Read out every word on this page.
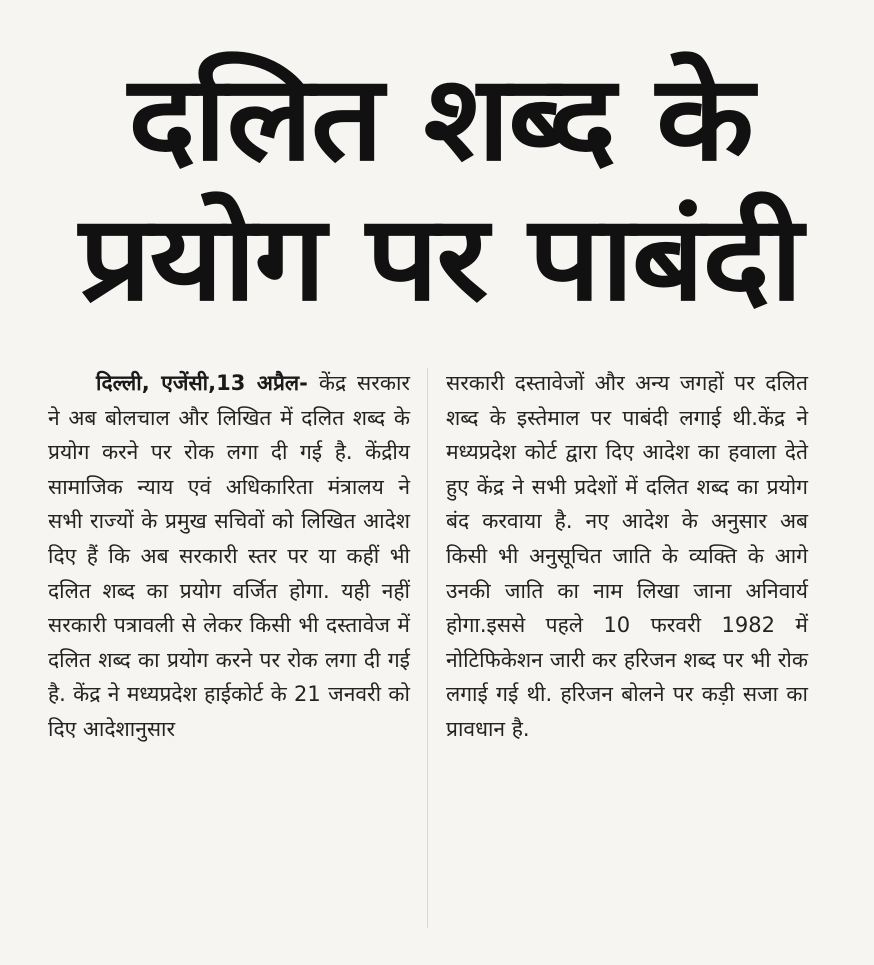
दलित शब्द के
प्रयोग पर पाबंदी

दिल्ली, एजेंसी,13 अप्रैल- केंद्र सरकार ने अब बोलचाल और लिखित में दलित शब्द के प्रयोग करने पर रोक लगा दी गई है. केंद्रीय सामाजिक न्याय एवं अधिकारिता मंत्रालय ने सभी राज्यों के प्रमुख सचिवों को लिखित आदेश दिए हैं कि अब सरकारी स्तर पर या कहीं भी दलित शब्द का प्रयोग वर्जित होगा. यही नहीं सरकारी पत्रावली से लेकर किसी भी दस्तावेज में दलित शब्द का प्रयोग करने पर रोक लगा दी गई है. केंद्र ने मध्यप्रदेश हाईकोर्ट के 21 जनवरी को दिए आदेशानुसार

सरकारी दस्तावेजों और अन्य जगहों पर दलित शब्द के इस्तेमाल पर पाबंदी लगाई थी.केंद्र ने मध्यप्रदेश कोर्ट द्वारा दिए आदेश का हवाला देते हुए केंद्र ने सभी प्रदेशों में दलित शब्द का प्रयोग बंद करवाया है. नए आदेश के अनुसार अब किसी भी अनुसूचित जाति के व्यक्ति के आगे उनकी जाति का नाम लिखा जाना अनिवार्य होगा.इससे पहले 10 फरवरी 1982 में नोटिफिकेशन जारी कर हरिजन शब्द पर भी रोक लगाई गई थी. हरिजन बोलने पर कड़ी सजा का प्रावधान है.
